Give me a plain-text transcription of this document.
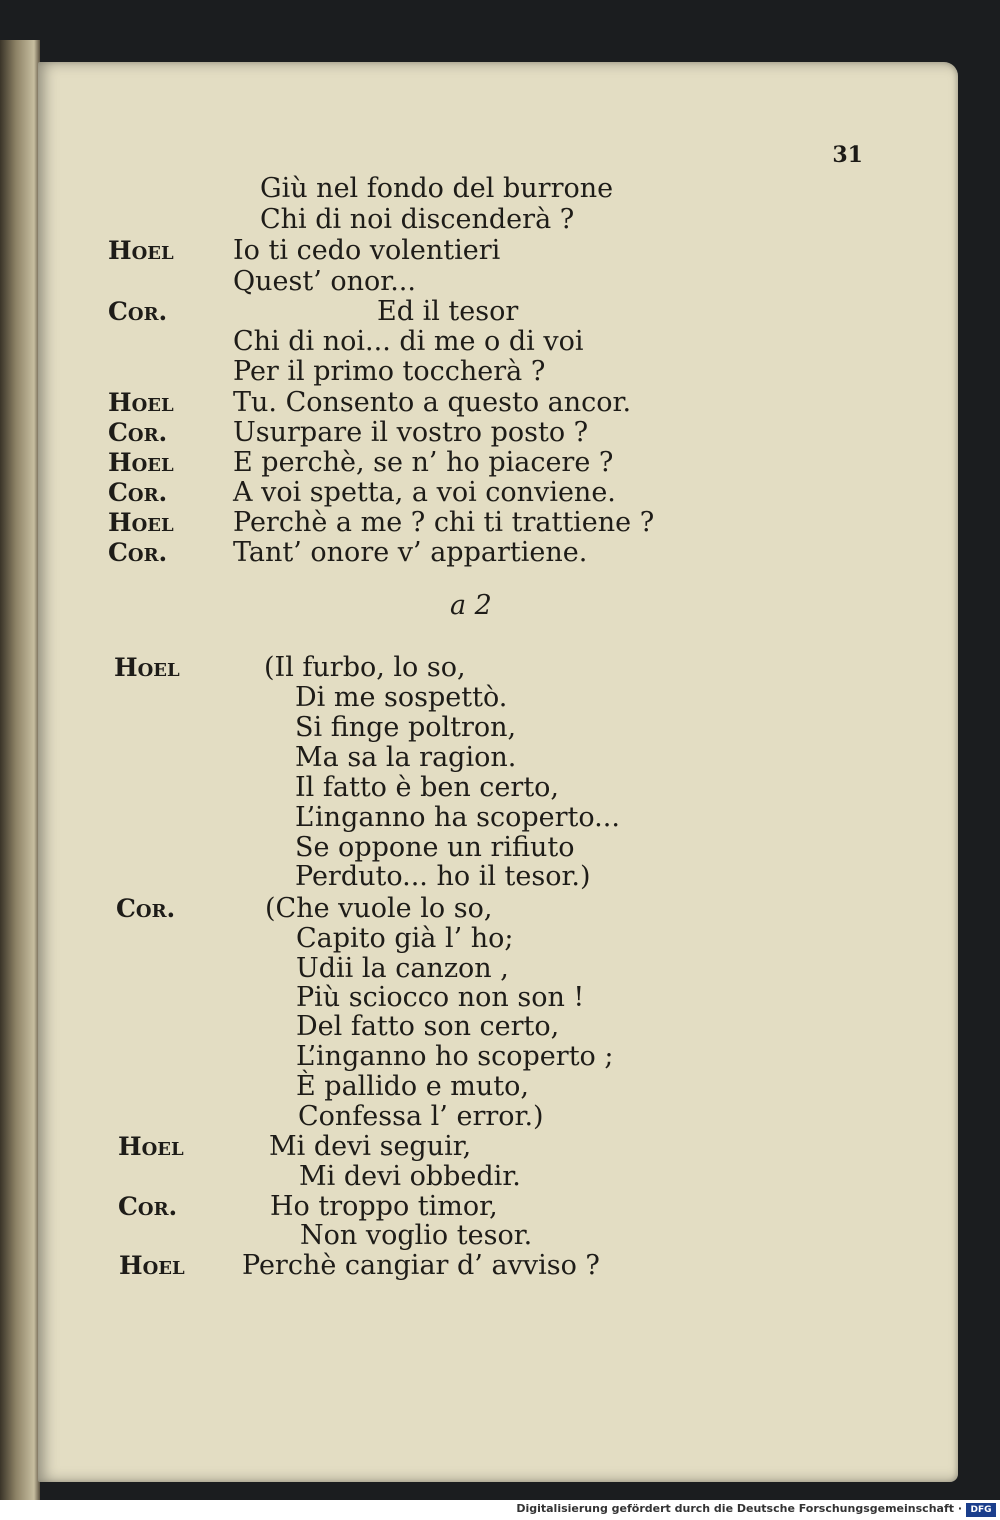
31
Giù nel fondo del burrone
Chi di noi discenderà ?
Hoel Io ti cedo volentieri
Quest’ onor...
Cor.	Ed il tesor
Chi di noi... di me o di voi
Per il primo toccherà ?
Hoel Tu. Consento a questo ancor.
Cor. Usurpare il vostro posto ?
Hoel E perchè, se n’ ho piacere ?
Cor. A voi spetta, a voi conviene.
Hoel Perchè a me ? chi ti trattiene ?
Cor. Tant’ onore v’ appartiene.
a 2
Hoel	(Il furbo, lo so,
Di me sospettò.
Si finge poltron,
Ma sa la ragion.
Il fatto è ben certo,
L’inganno ha scoperto...
Se oppone un rifiuto
Perduto... ho il tesor.)
Cor.	(Che vuole lo so,
Capito già l’ ho;
Udii la canzon ,
Più sciocco non son !
Del fatto son certo,
L’inganno ho scoperto ;
È pallido e muto,
Confessa l’ error.)
Hoel	Mi devi seguir,
Mi devi obbedir.
Cor.	Ho troppo timor,
Non voglio tesor.
Hoel Perchè cangiar d’ avviso ?
Digitalisierung gefördert durch die Deutsche Forschungsgemeinschaft · DFG
